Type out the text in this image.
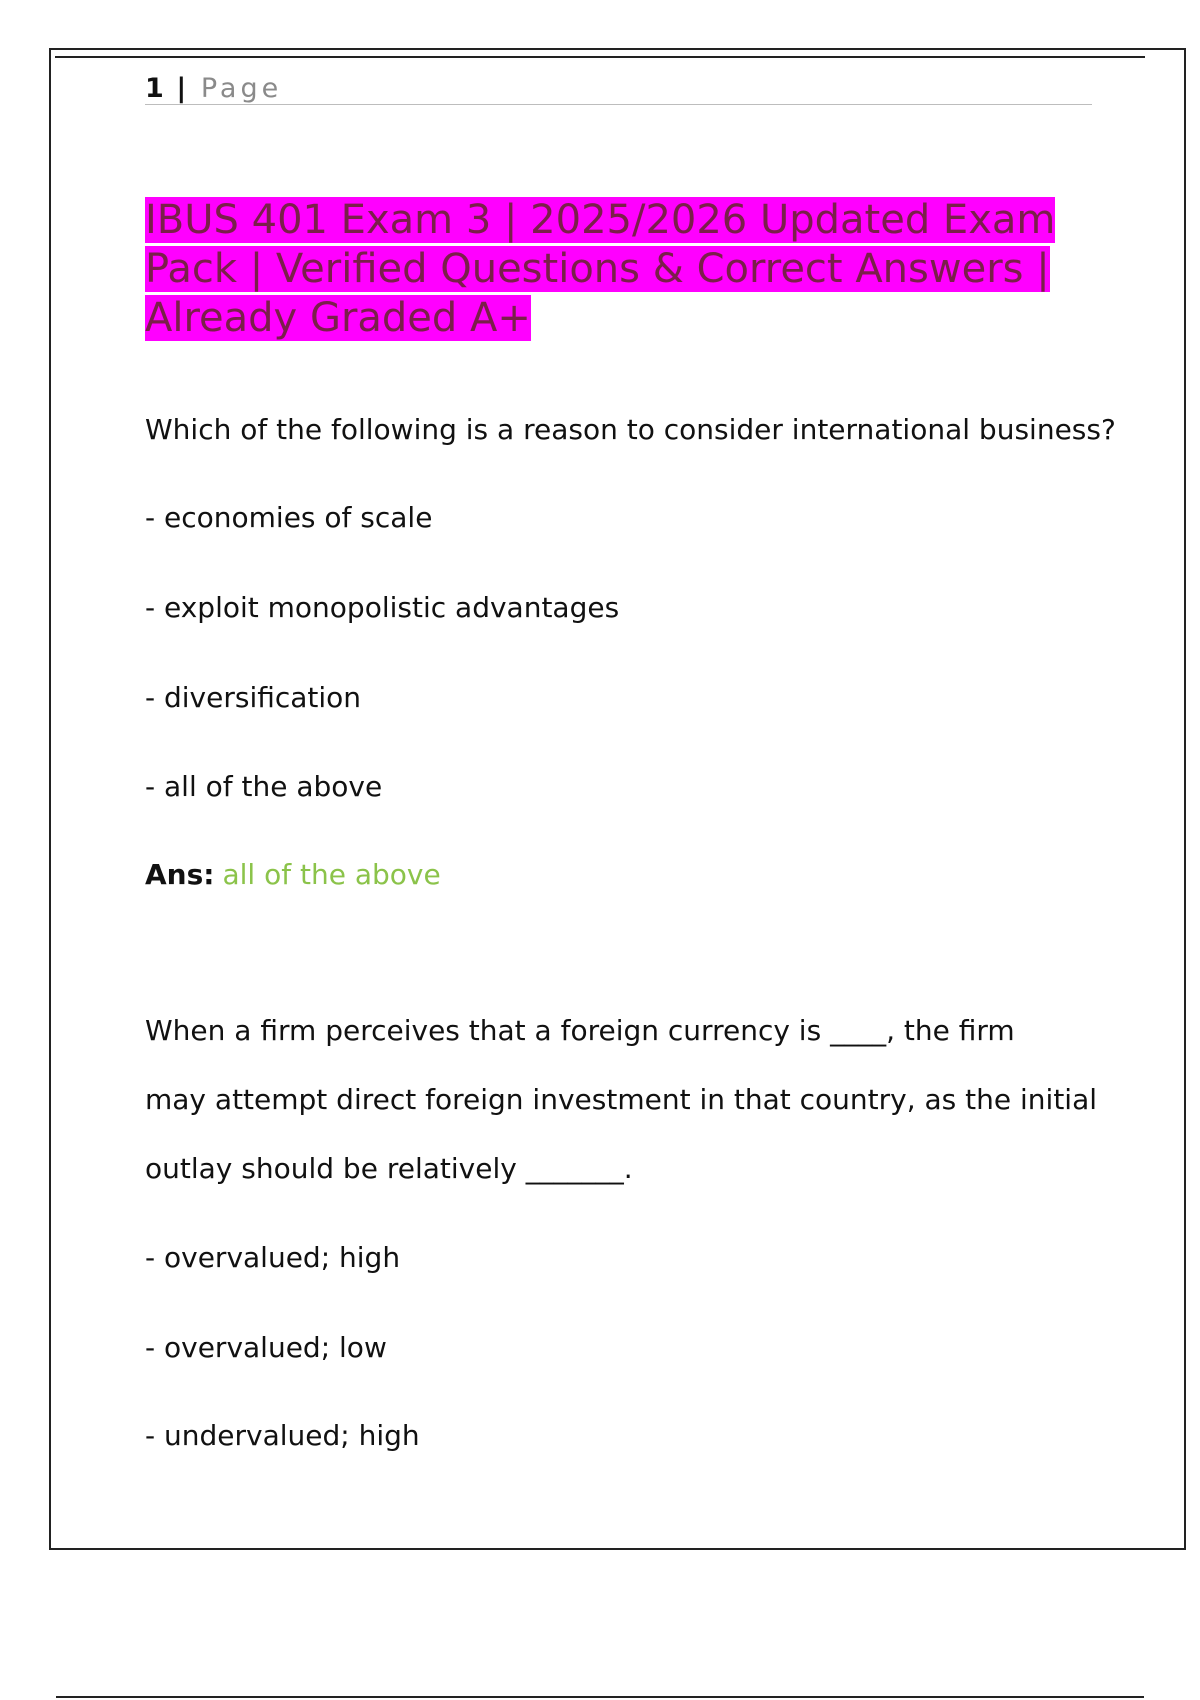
1 | Page
IBUS 401 Exam 3 | 2025/2026 Updated Exam Pack | Verified Questions & Correct Answers | Already Graded A+

Which of the following is a reason to consider international business?

- economies of scale

- exploit monopolistic advantages

- diversification

- all of the above

Ans: all of the above

When a firm perceives that a foreign currency is ____, the firm

may attempt direct foreign investment in that country, as the initial

outlay should be relatively _______.

- overvalued; high

- overvalued; low

- undervalued; high
